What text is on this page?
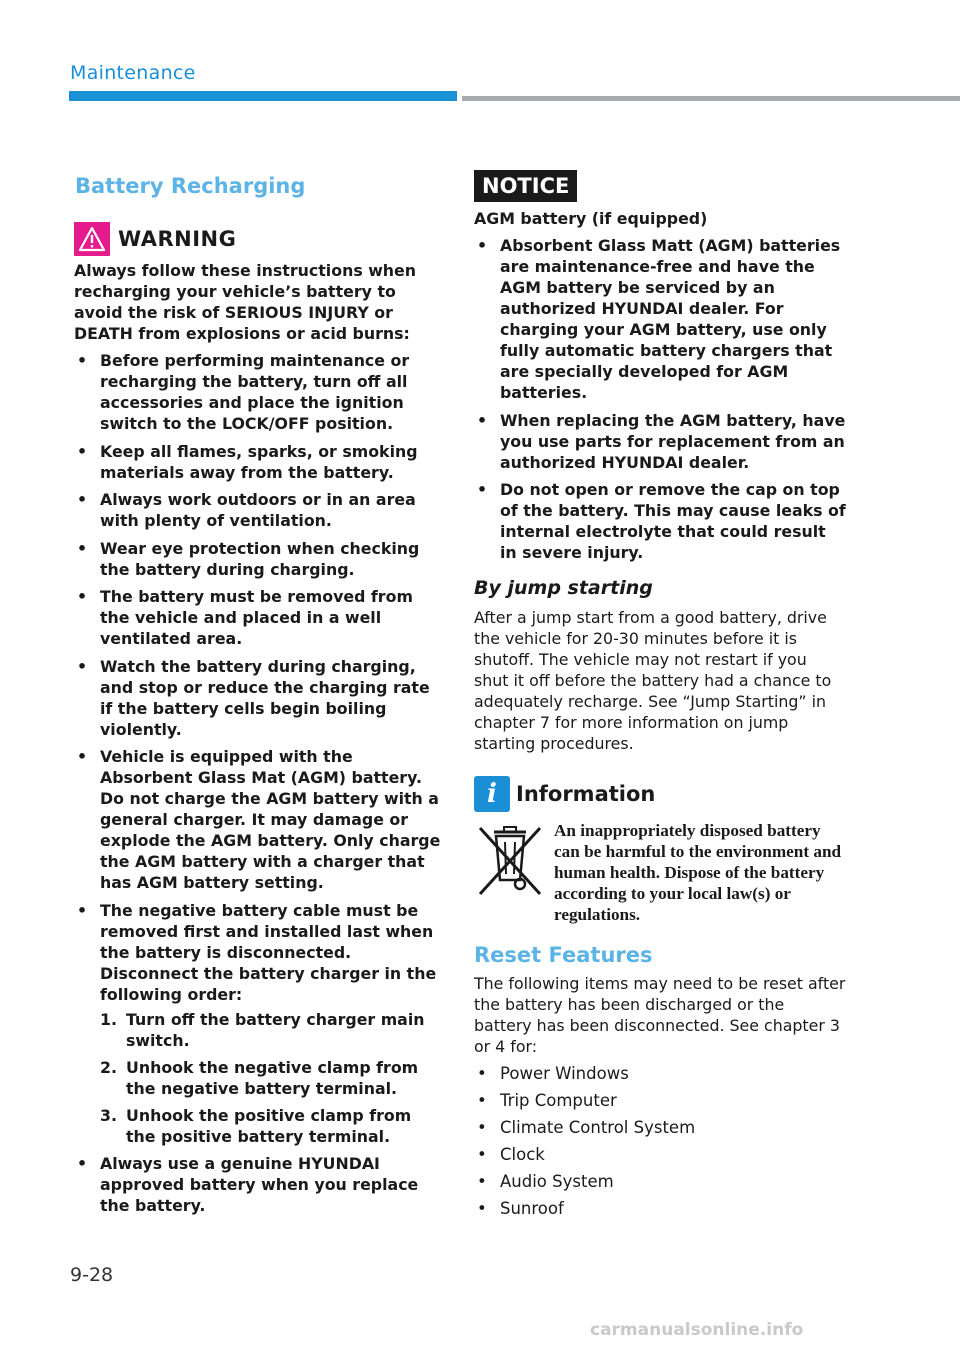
Maintenance
Battery Recharging
WARNING

Always follow these instructions when recharging your vehicle’s battery to avoid the risk of SERIOUS INJURY or DEATH from explosions or acid burns:

• Before performing maintenance or recharging the battery, turn off all accessories and place the ignition switch to the LOCK/OFF position.
• Keep all flames, sparks, or smoking materials away from the battery.
• Always work outdoors or in an area with plenty of ventilation.
• Wear eye protection when checking the battery during charging.
• The battery must be removed from the vehicle and placed in a well ventilated area.
• Watch the battery during charging, and stop or reduce the charging rate if the battery cells begin boiling violently.
• Vehicle is equipped with the Absorbent Glass Mat (AGM) battery. Do not charge the AGM battery with a general charger. It may damage or explode the AGM battery. Only charge the AGM battery with a charger that has AGM battery setting.
• The negative battery cable must be removed first and installed last when the battery is disconnected. Disconnect the battery charger in the following order:
1. Turn off the battery charger main switch.
2. Unhook the negative clamp from the negative battery terminal.
3. Unhook the positive clamp from the positive battery terminal.
• Always use a genuine HYUNDAI approved battery when you replace the battery.
NOTICE

AGM battery (if equipped)

• Absorbent Glass Matt (AGM) batteries are maintenance-free and have the AGM battery be serviced by an authorized HYUNDAI dealer. For charging your AGM battery, use only fully automatic battery chargers that are specially developed for AGM batteries.
• When replacing the AGM battery, have you use parts for replacement from an authorized HYUNDAI dealer.
• Do not open or remove the cap on top of the battery. This may cause leaks of internal electrolyte that could result in severe injury.
By jump starting

After a jump start from a good battery, drive the vehicle for 20-30 minutes before it is shutoff. The vehicle may not restart if you shut it off before the battery had a chance to adequately recharge. See “Jump Starting” in chapter 7 for more information on jump starting procedures.

i Information
An inappropriately disposed battery can be harmful to the environment and human health. Dispose of the battery according to your local law(s) or regulations.
Reset Features

The following items may need to be reset after the battery has been discharged or the battery has been disconnected. See chapter 3 or 4 for:

• Power Windows
• Trip Computer
• Climate Control System
• Clock
• Audio System
• Sunroof
9-28
carmanualsonline.info
